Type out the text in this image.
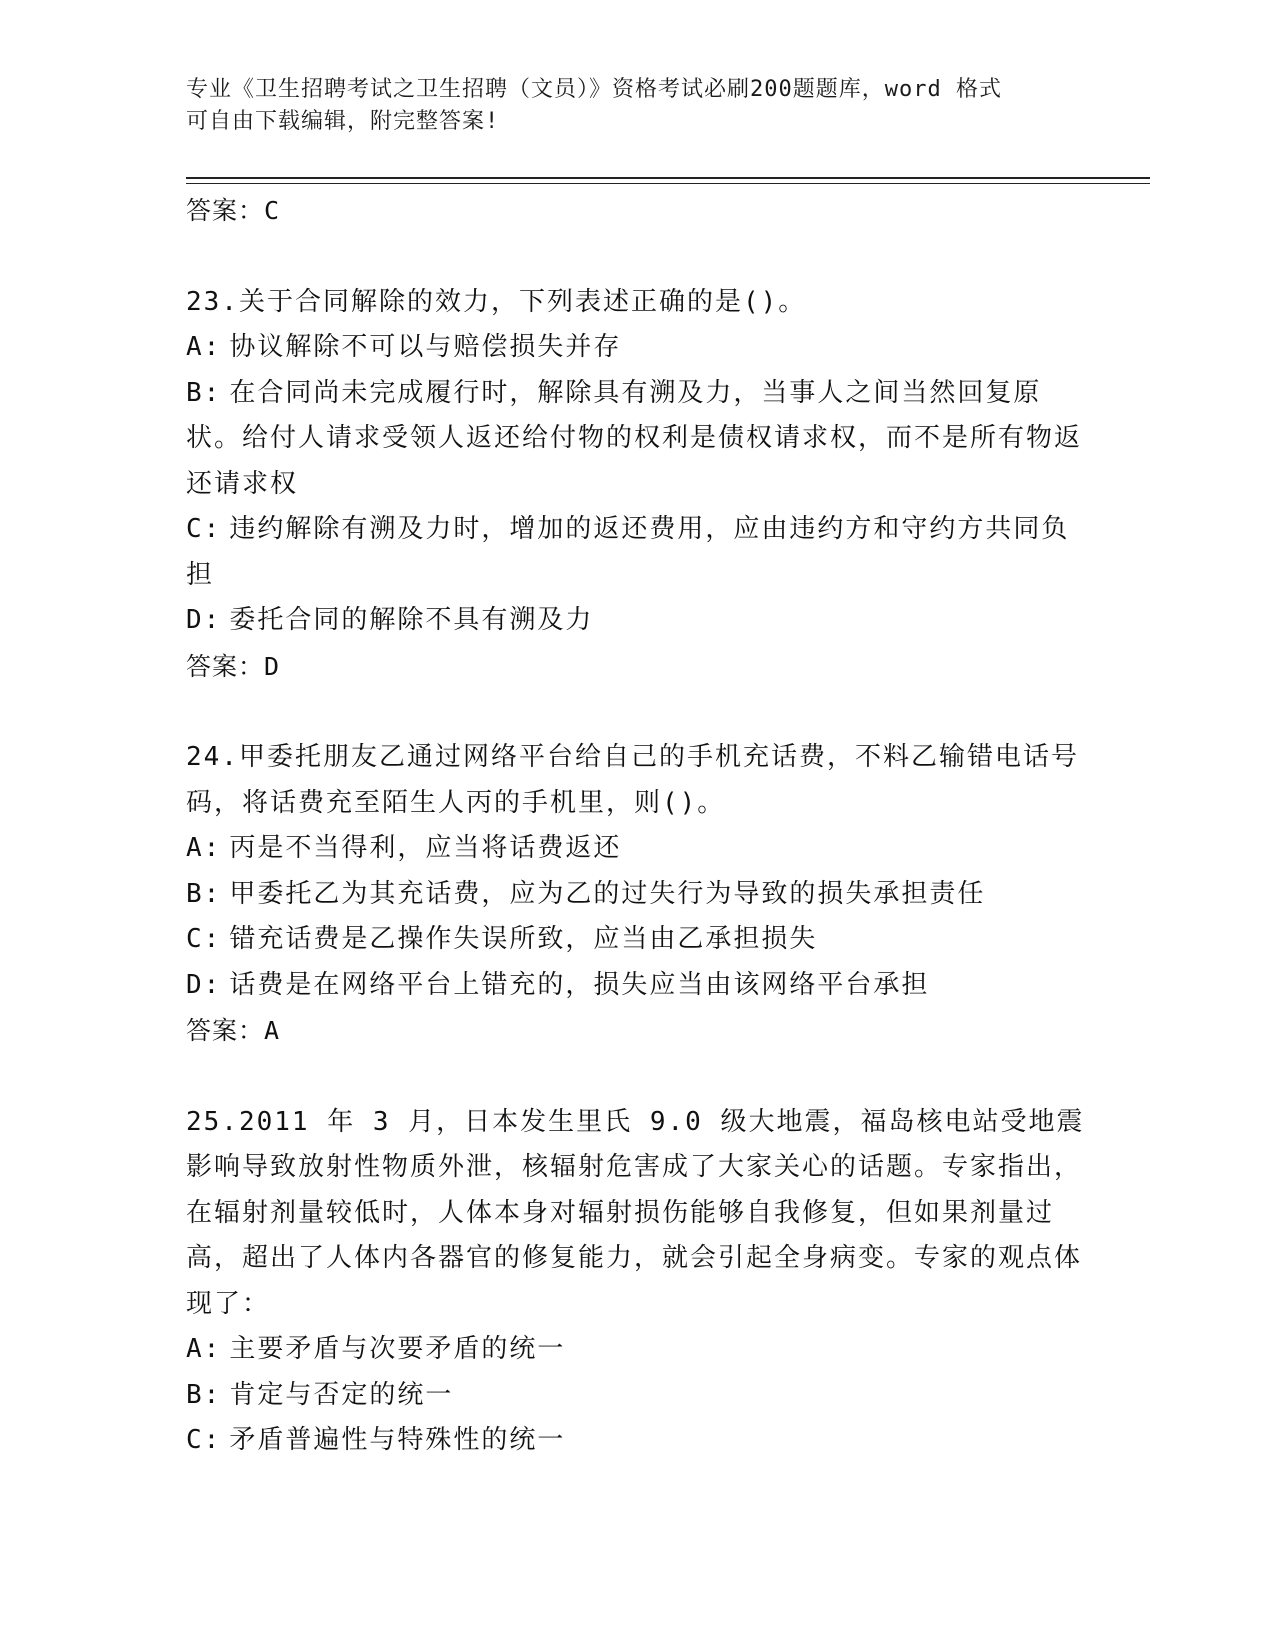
专业《卫生招聘考试之卫生招聘（文员）》资格考试必刷200题题库，word 格式
可自由下载编辑，附完整答案!

答案：C

23.关于合同解除的效力，下列表述正确的是()。

A: 协议解除不可以与赔偿损失并存

B: 在合同尚未完成履行时，解除具有溯及力，当事人之间当然回复原状。给付人请求受领人返还给付物的权利是债权请求权，而不是所有物返还请求权

C: 违约解除有溯及力时，增加的返还费用，应由违约方和守约方共同负担

D: 委托合同的解除不具有溯及力

答案：D

24.甲委托朋友乙通过网络平台给自己的手机充话费，不料乙输错电话号码，将话费充至陌生人丙的手机里，则()。

A: 丙是不当得利，应当将话费返还

B: 甲委托乙为其充话费，应为乙的过失行为导致的损失承担责任

C: 错充话费是乙操作失误所致，应当由乙承担损失

D: 话费是在网络平台上错充的，损失应当由该网络平台承担

答案：A

25.2011 年 3 月，日本发生里氏 9.0 级大地震，福岛核电站受地震影响导致放射性物质外泄，核辐射危害成了大家关心的话题。专家指出，在辐射剂量较低时，人体本身对辐射损伤能够自我修复，但如果剂量过高，超出了人体内各器官的修复能力，就会引起全身病变。专家的观点体现了：

A: 主要矛盾与次要矛盾的统一

B: 肯定与否定的统一

C: 矛盾普遍性与特殊性的统一
